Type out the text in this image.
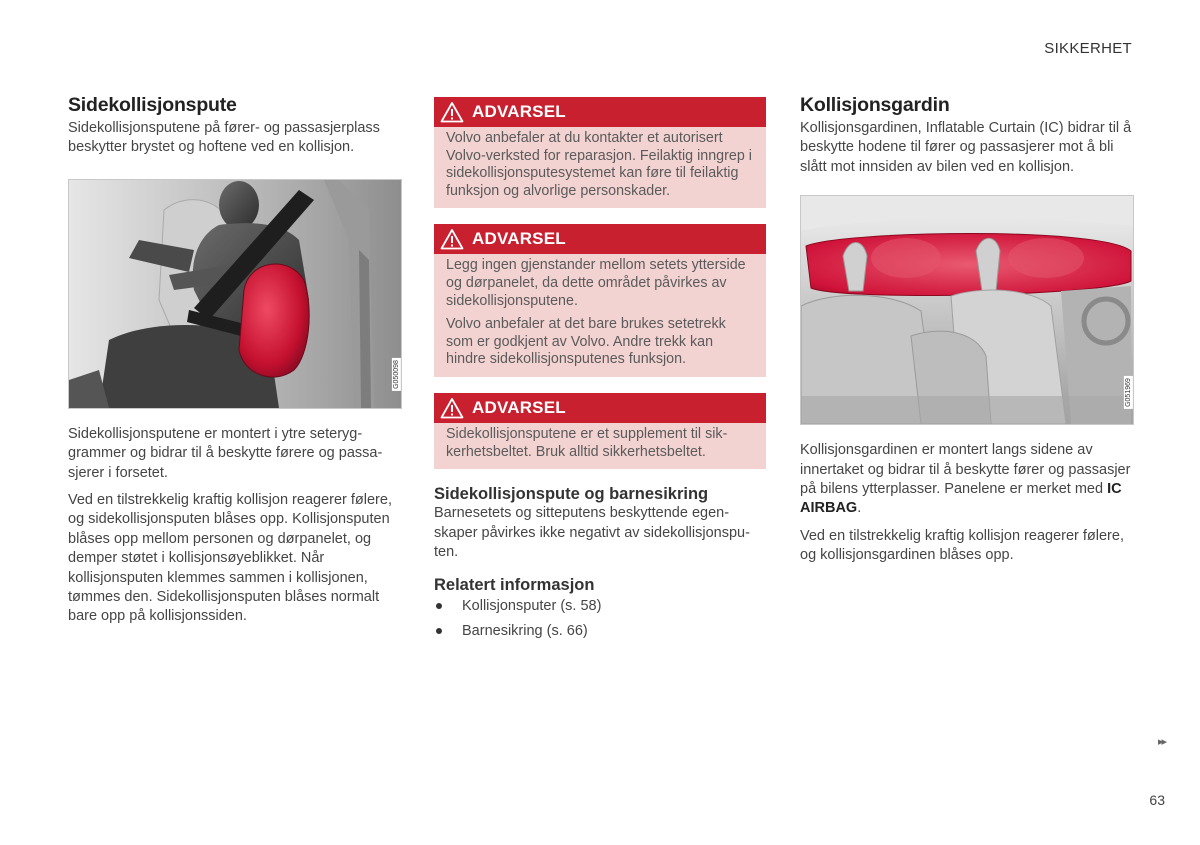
SIKKERHET
Sidekollisjonspute

Sidekollisjonsputene på fører- og passasjerplass beskytter brystet og hoftene ved en kollisjon.

G050098

Sidekollisjonsputene er montert i ytre seteryggrammer og bidrar til å beskytte førere og passasjerer i forsetet.

Ved en tilstrekkelig kraftig kollisjon reagerer følere, og sidekollisjonsputen blåses opp. Kollisjonsputen blåses opp mellom personen og dørpanelet, og demper støtet i kollisjonsøyeblikket. Når kollisjonsputen klemmes sammen i kollisjonen, tømmes den. Sidekollisjonsputen blåses normalt bare opp på kollisjonssiden.

ADVARSEL

Volvo anbefaler at du kontakter et autorisert Volvo-verksted for reparasjon. Feilaktig inngrep i sidekollisjonsputesystemet kan føre til feilaktig funksjon og alvorlige personskader.

ADVARSEL

Legg ingen gjenstander mellom setets ytterside og dørpanelet, da dette området påvirkes av sidekollisjonsputene.

Volvo anbefaler at det bare brukes setetrekk som er godkjent av Volvo. Andre trekk kan hindre sidekollisjonsputenes funksjon.

ADVARSEL

Sidekollisjonsputene er et supplement til sikkerhetsbeltet. Bruk alltid sikkerhetsbeltet.

Sidekollisjonspute og barnesikring

Barnesetets og sitteputens beskyttende egenskaper påvirkes ikke negativt av sidekollisjonsputen.

Relatert informasjon
Kollisjonsputer (s. 58)
Barnesikring (s. 66)
Kollisjonsgardin

Kollisjonsgardinen, Inflatable Curtain (IC) bidrar til å beskytte hodene til fører og passasjerer mot å bli slått mot innsiden av bilen ved en kollisjon.

G051969

Kollisjonsgardinen er montert langs sidene av innertaket og bidrar til å beskytte fører og passasjer på bilens ytterplasser. Panelene er merket med IC AIRBAG.

Ved en tilstrekkelig kraftig kollisjon reagerer følere, og kollisjonsgardinen blåses opp.

▸▸
63
